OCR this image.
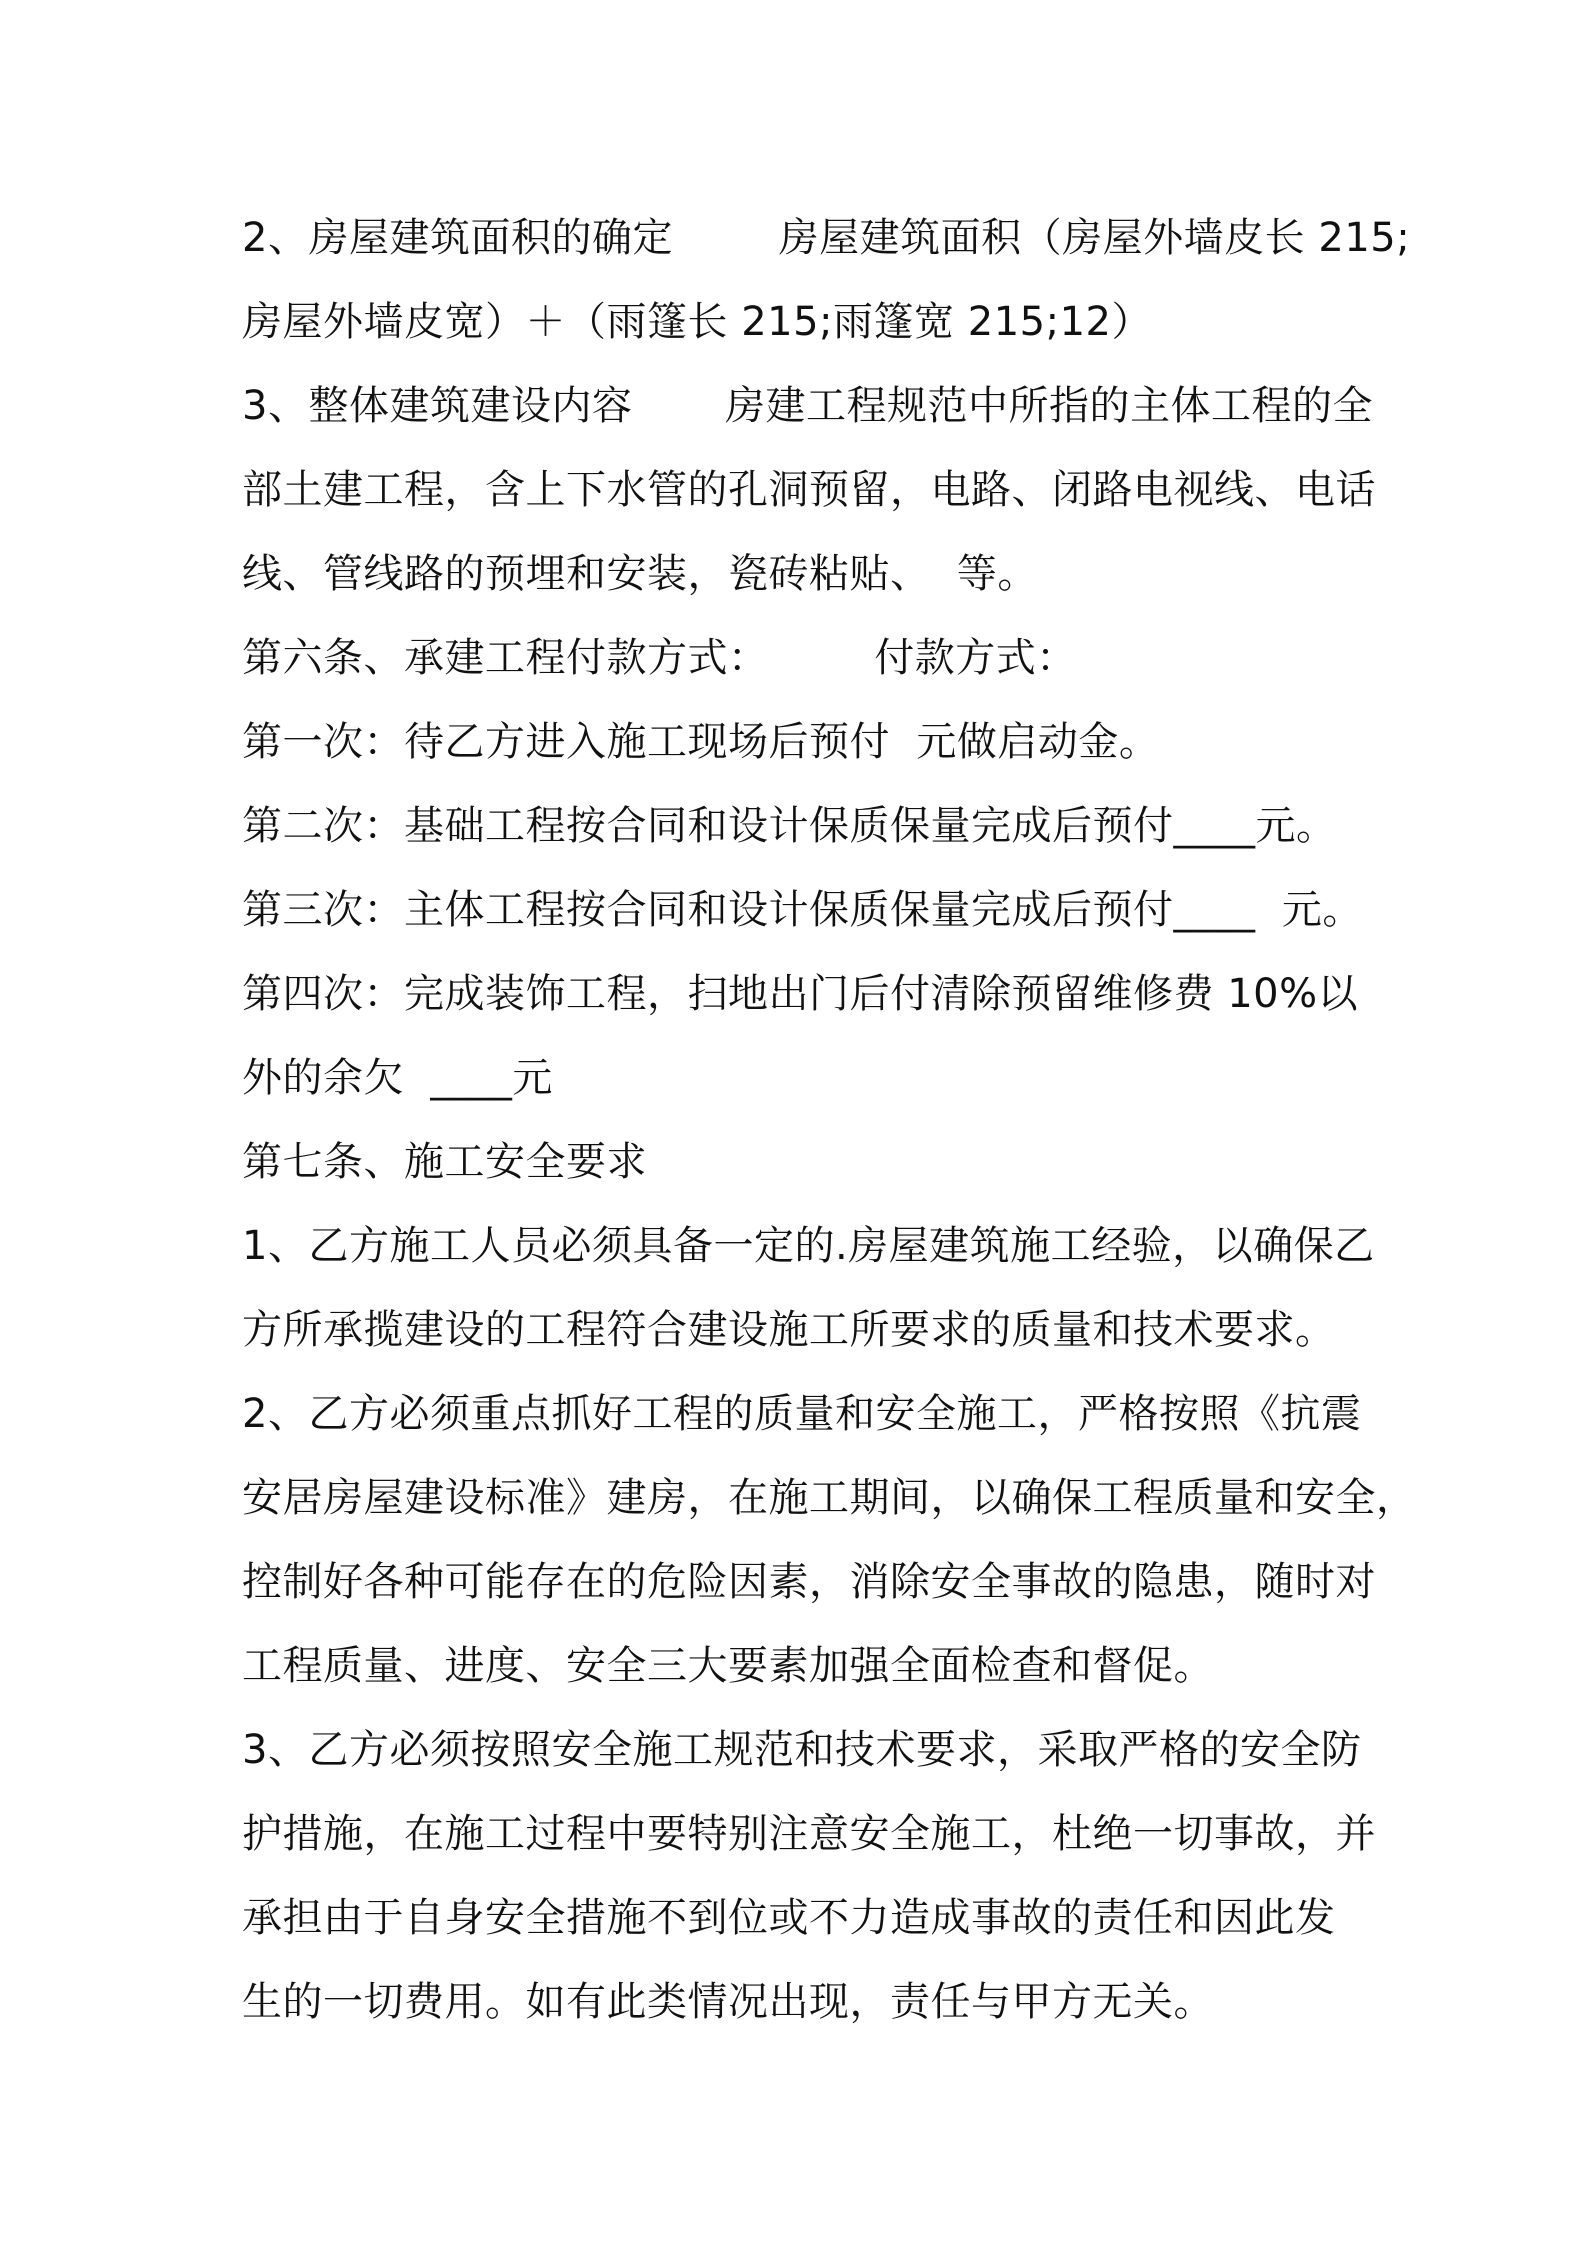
2、房屋建筑面积的确定        房屋建筑面积（房屋外墙皮长 215;
房屋外墙皮宽）＋（雨篷长 215;雨篷宽 215;12）
3、整体建筑建设内容       房建工程规范中所指的主体工程的全
部土建工程，含上下水管的孔洞预留，电路、闭路电视线、电话
线、管线路的预埋和安装，瓷砖粘贴、  等。
第六条、承建工程付款方式：        付款方式：
第一次：待乙方进入施工现场后预付  元做启动金。
第二次：基础工程按合同和设计保质保量完成后预付____元。
第三次：主体工程按合同和设计保质保量完成后预付____  元。
第四次：完成装饰工程，扫地出门后付清除预留维修费 10%以
外的余欠  ____元
第七条、施工安全要求
1、乙方施工人员必须具备一定的.房屋建筑施工经验，以确保乙
方所承揽建设的工程符合建设施工所要求的质量和技术要求。
2、乙方必须重点抓好工程的质量和安全施工，严格按照《抗震
安居房屋建设标准》建房，在施工期间，以确保工程质量和安全，
控制好各种可能存在的危险因素，消除安全事故的隐患，随时对
工程质量、进度、安全三大要素加强全面检查和督促。
3、乙方必须按照安全施工规范和技术要求，采取严格的安全防
护措施，在施工过程中要特别注意安全施工，杜绝一切事故，并
承担由于自身安全措施不到位或不力造成事故的责任和因此发
生的一切费用。如有此类情况出现，责任与甲方无关。
